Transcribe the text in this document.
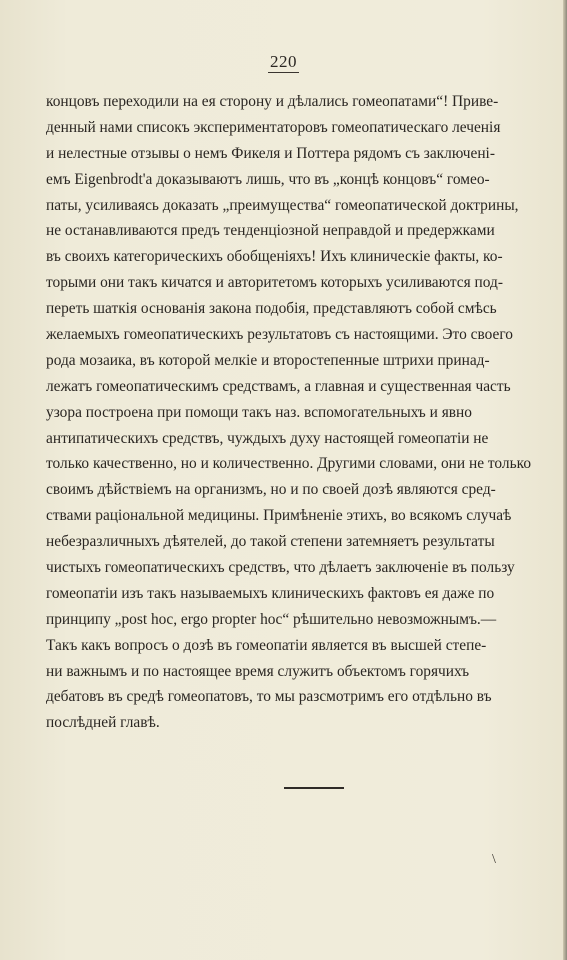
220
концовъ переходили на ея сторону и дѣлались гомеопатами“! Приве-
денный нами списокъ экспериментаторовъ гомеопатическаго леченія
и нелестные отзывы о немъ Фикеля и Поттера рядомъ съ заключені-
емъ Eigenbrodt'а доказываютъ лишь, что въ „концѣ концовъ“ гомео-
паты, усиливаясь доказать „преимущества“ гомеопатической доктрины,
не останавливаются предъ тенденціозной неправдой и пpедержками
въ своихъ категорическихъ обобщеніяхъ! Ихъ клиническіе факты, ко-
торыми они такъ кичатся и авторитетомъ которыхъ усиливаются под-
переть шаткія основанія закона подобія, представляютъ собой смѣсь
желаемыхъ гомеопатическихъ результатовъ съ настоящими. Это своего
рода мозаика, въ которой мелкіе и второстепенные штрихи принад-
лежатъ гомеопатическимъ средствамъ, а главная и существенная часть
узора построена при помощи такъ наз. вспомогательныхъ и явно
антипатическихъ средствъ, чуждыхъ духу настоящей гомеопатіи не
только качественно, но и количественно. Другими словами, они не только
своимъ дѣйствіемъ на организмъ, но и по своей дозѣ являются сред-
ствами раціональной медицины. Примѣненіе этихъ, во всякомъ случаѣ
небезразличныхъ дѣятелей, до такой степени затемняетъ результаты
чистыхъ гомеопатическихъ средствъ, что дѣлаетъ заключеніе въ пользу
гомеопатіи изъ такъ называемыхъ клиническихъ фактовъ ея даже по
принципу „post hoc, ergo propter hoc“ рѣшительно невозможнымъ.—
Такъ какъ вопросъ о дозѣ въ гомеопатіи является въ высшей степе-
ни важнымъ и по настоящее время служитъ объектомъ горячихъ
дебатовъ въ средѣ гомеопатовъ, то мы разсмотримъ его отдѣльно въ
послѣдней главѣ.
\
